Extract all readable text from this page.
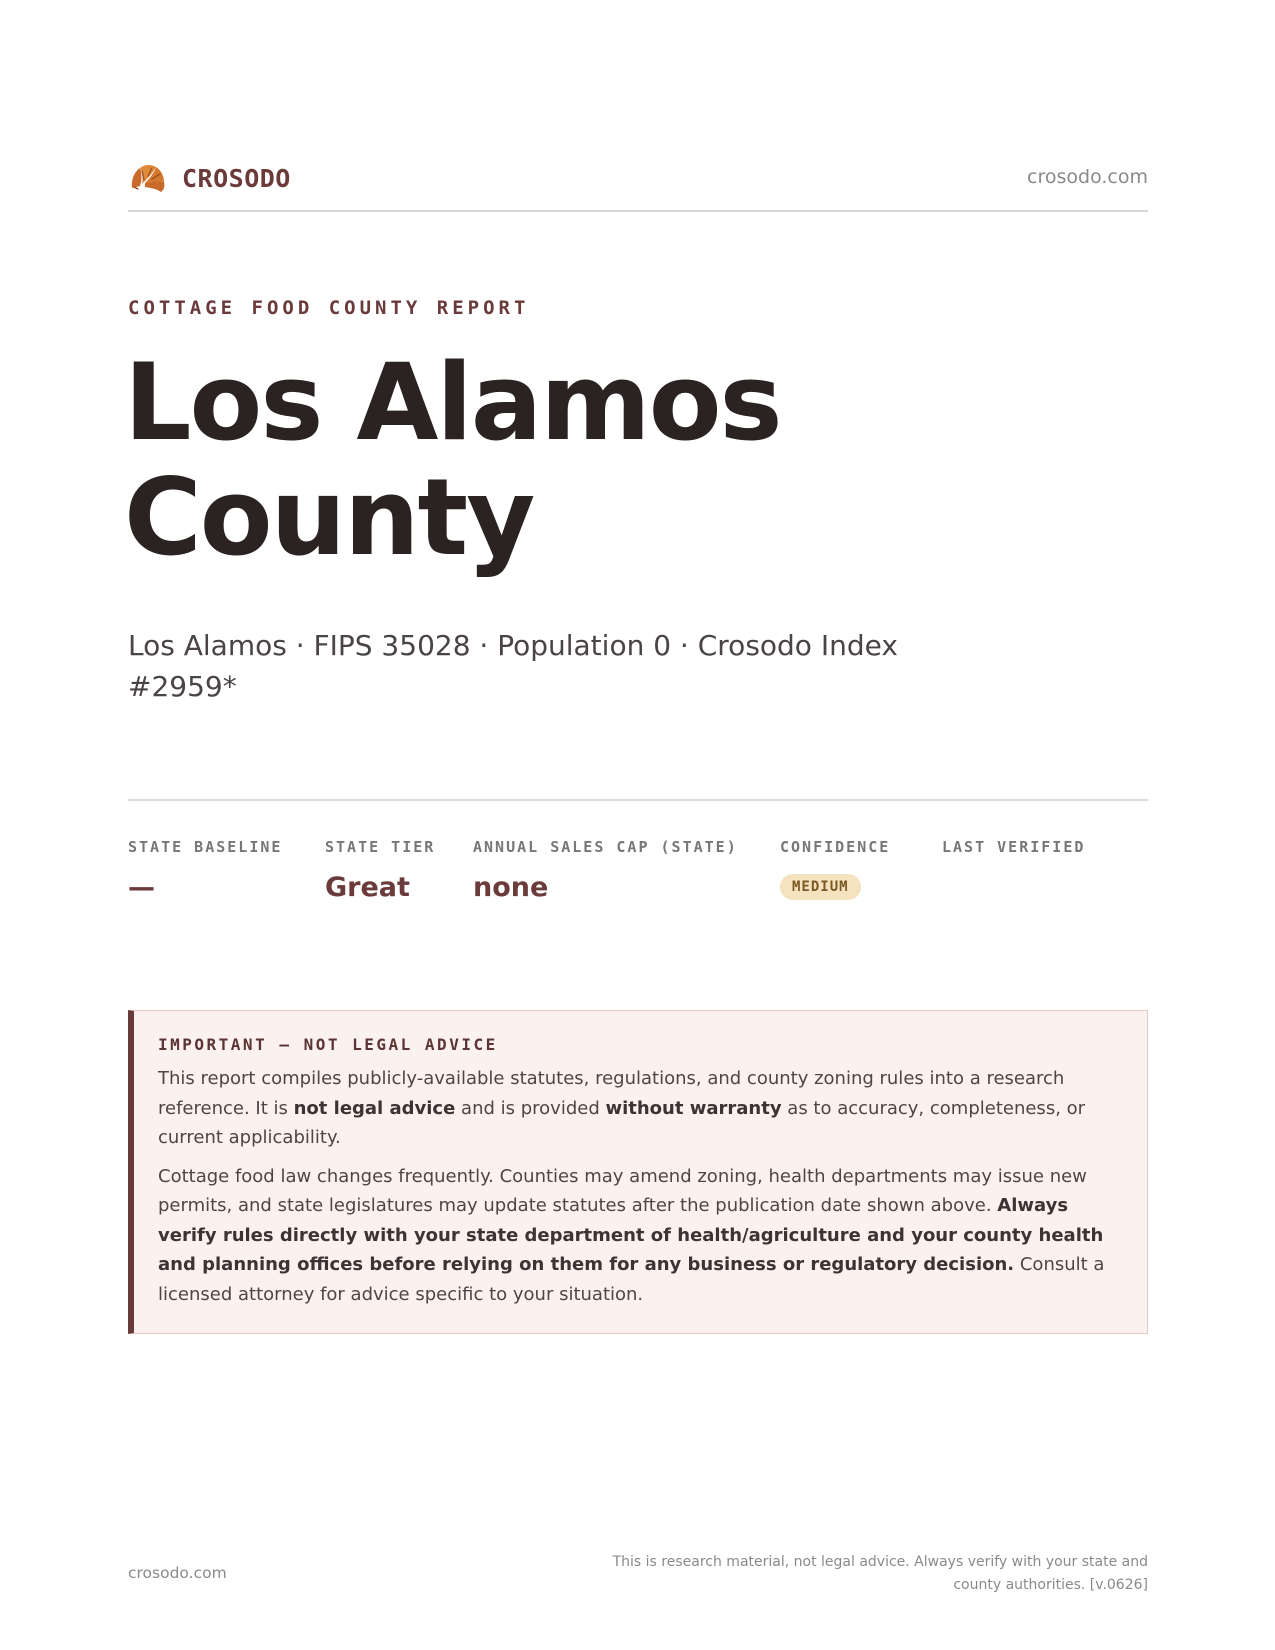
CROSODO	crosodo.com
COTTAGE FOOD COUNTY REPORT
Los Alamos County
Los Alamos · FIPS 35028 · Population 0 · Crosodo Index #2959*
STATE BASELINE
—
STATE TIER
Great
ANNUAL SALES CAP (STATE)
none
CONFIDENCE
MEDIUM
LAST VERIFIED
IMPORTANT — NOT LEGAL ADVICE

This report compiles publicly-available statutes, regulations, and county zoning rules into a research reference. It is not legal advice and is provided without warranty as to accuracy, completeness, or current applicability.

Cottage food law changes frequently. Counties may amend zoning, health departments may issue new permits, and state legislatures may update statutes after the publication date shown above. Always verify rules directly with your state department of health/agriculture and your county health and planning offices before relying on them for any business or regulatory decision. Consult a licensed attorney for advice specific to your situation.

crosodo.com
This is research material, not legal advice. Always verify with your state and county authorities. [v.0626]
